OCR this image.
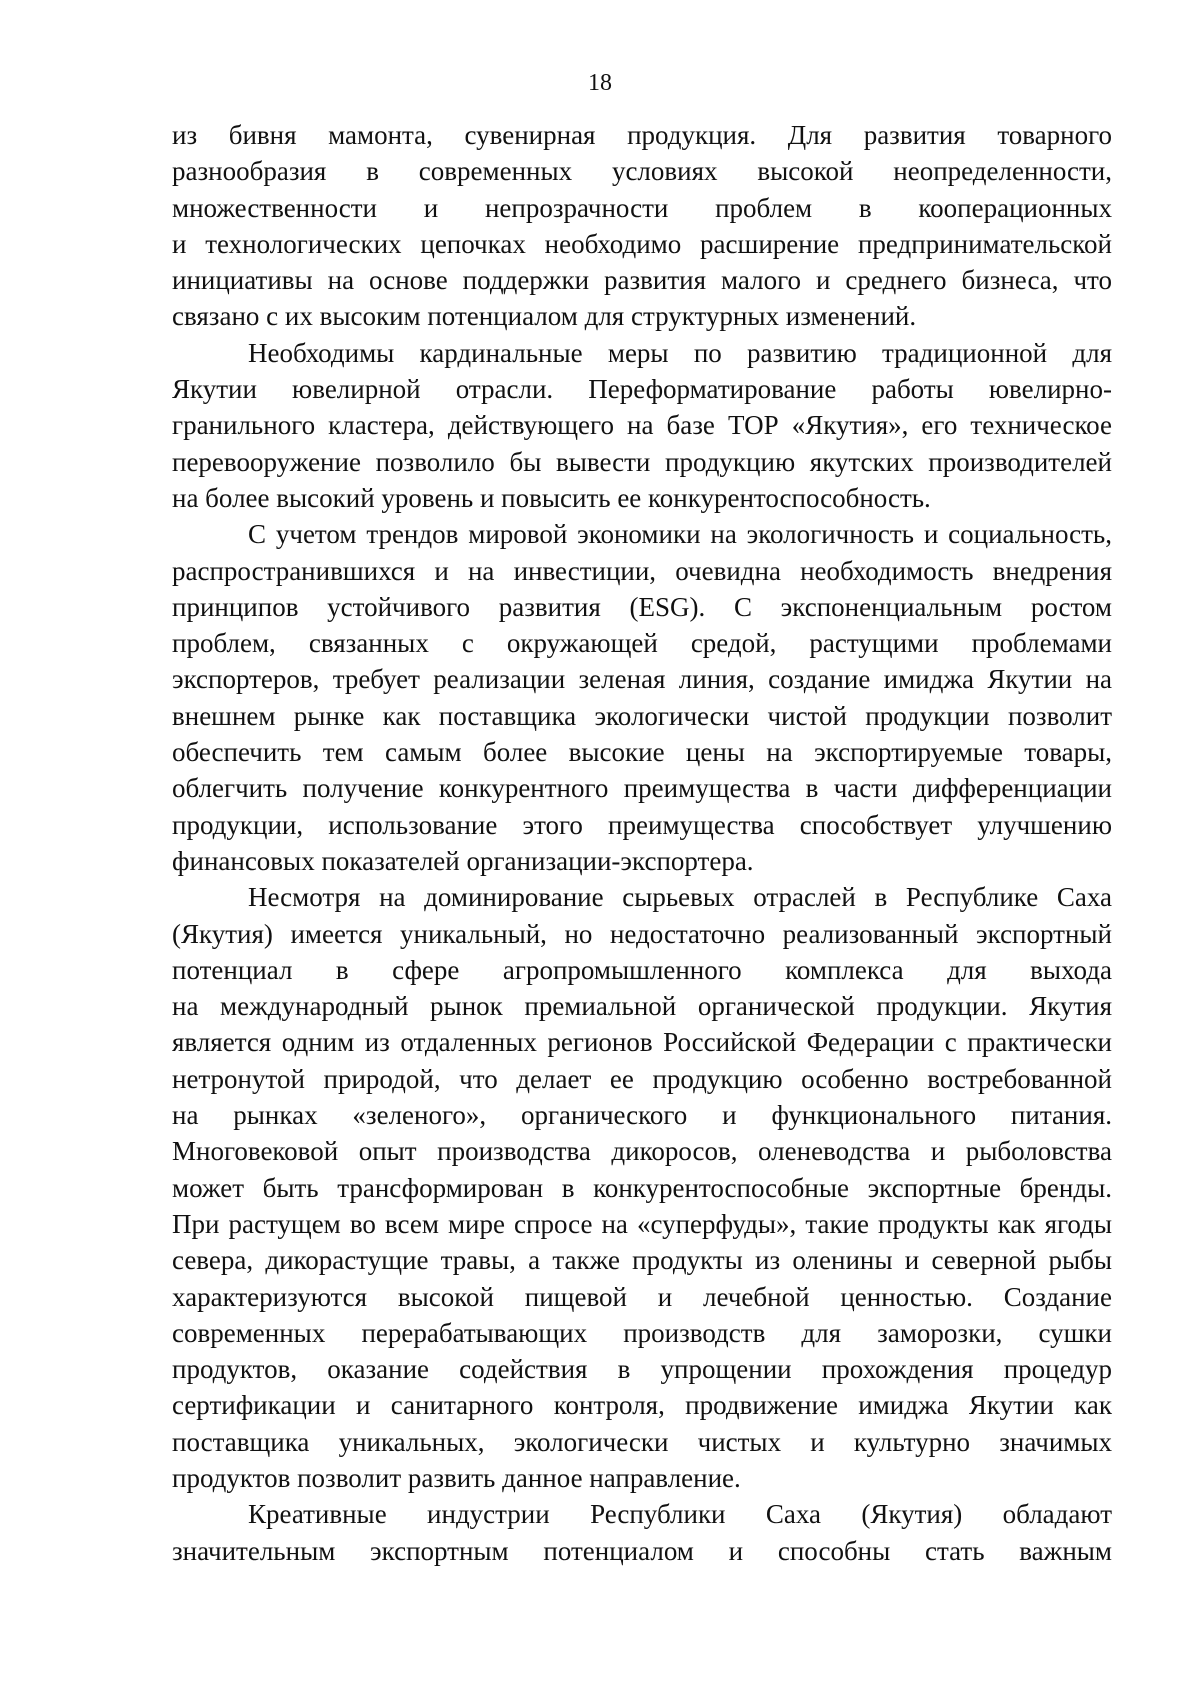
18
из бивня мамонта, сувенирная продукция. Для развития товарного
разнообразия в современных условиях высокой неопределенности,
множественности и непрозрачности проблем в кооперационных
и технологических цепочках необходимо расширение предпринимательской
инициативы на основе поддержки развития малого и среднего бизнеса, что
связано с их высоким потенциалом для структурных изменений.
Необходимы кардинальные меры по развитию традиционной для
Якутии ювелирной отрасли. Переформатирование работы ювелирно-
гранильного кластера, действующего на базе ТОР «Якутия», его техническое
перевооружение позволило бы вывести продукцию якутских производителей
на более высокий уровень и повысить ее конкурентоспособность.
С учетом трендов мировой экономики на экологичность и социальность,
распространившихся и на инвестиции, очевидна необходимость внедрения
принципов устойчивого развития (ESG). С экспоненциальным ростом
проблем, связанных с окружающей средой, растущими проблемами
экспортеров, требует реализации зеленая линия, создание имиджа Якутии на
внешнем рынке как поставщика экологически чистой продукции позволит
обеспечить тем самым более высокие цены на экспортируемые товары,
облегчить получение конкурентного преимущества в части дифференциации
продукции, использование этого преимущества способствует улучшению
финансовых показателей организации-экспортера.
Несмотря на доминирование сырьевых отраслей в Республике Саха
(Якутия) имеется уникальный, но недостаточно реализованный экспортный
потенциал в сфере агропромышленного комплекса для выхода
на международный рынок премиальной органической продукции. Якутия
является одним из отдаленных регионов Российской Федерации с практически
нетронутой природой, что делает ее продукцию особенно востребованной
на рынках «зеленого», органического и функционального питания.
Многовековой опыт производства дикоросов, оленеводства и рыболовства
может быть трансформирован в конкурентоспособные экспортные бренды.
При растущем во всем мире спросе на «суперфуды», такие продукты как ягоды
севера, дикорастущие травы, а также продукты из оленины и северной рыбы
характеризуются высокой пищевой и лечебной ценностью. Создание
современных перерабатывающих производств для заморозки, сушки
продуктов, оказание содействия в упрощении прохождения процедур
сертификации и санитарного контроля, продвижение имиджа Якутии как
поставщика уникальных, экологически чистых и культурно значимых
продуктов позволит развить данное направление.
Креативные индустрии Республики Саха (Якутия) обладают
значительным экспортным потенциалом и способны стать важным
